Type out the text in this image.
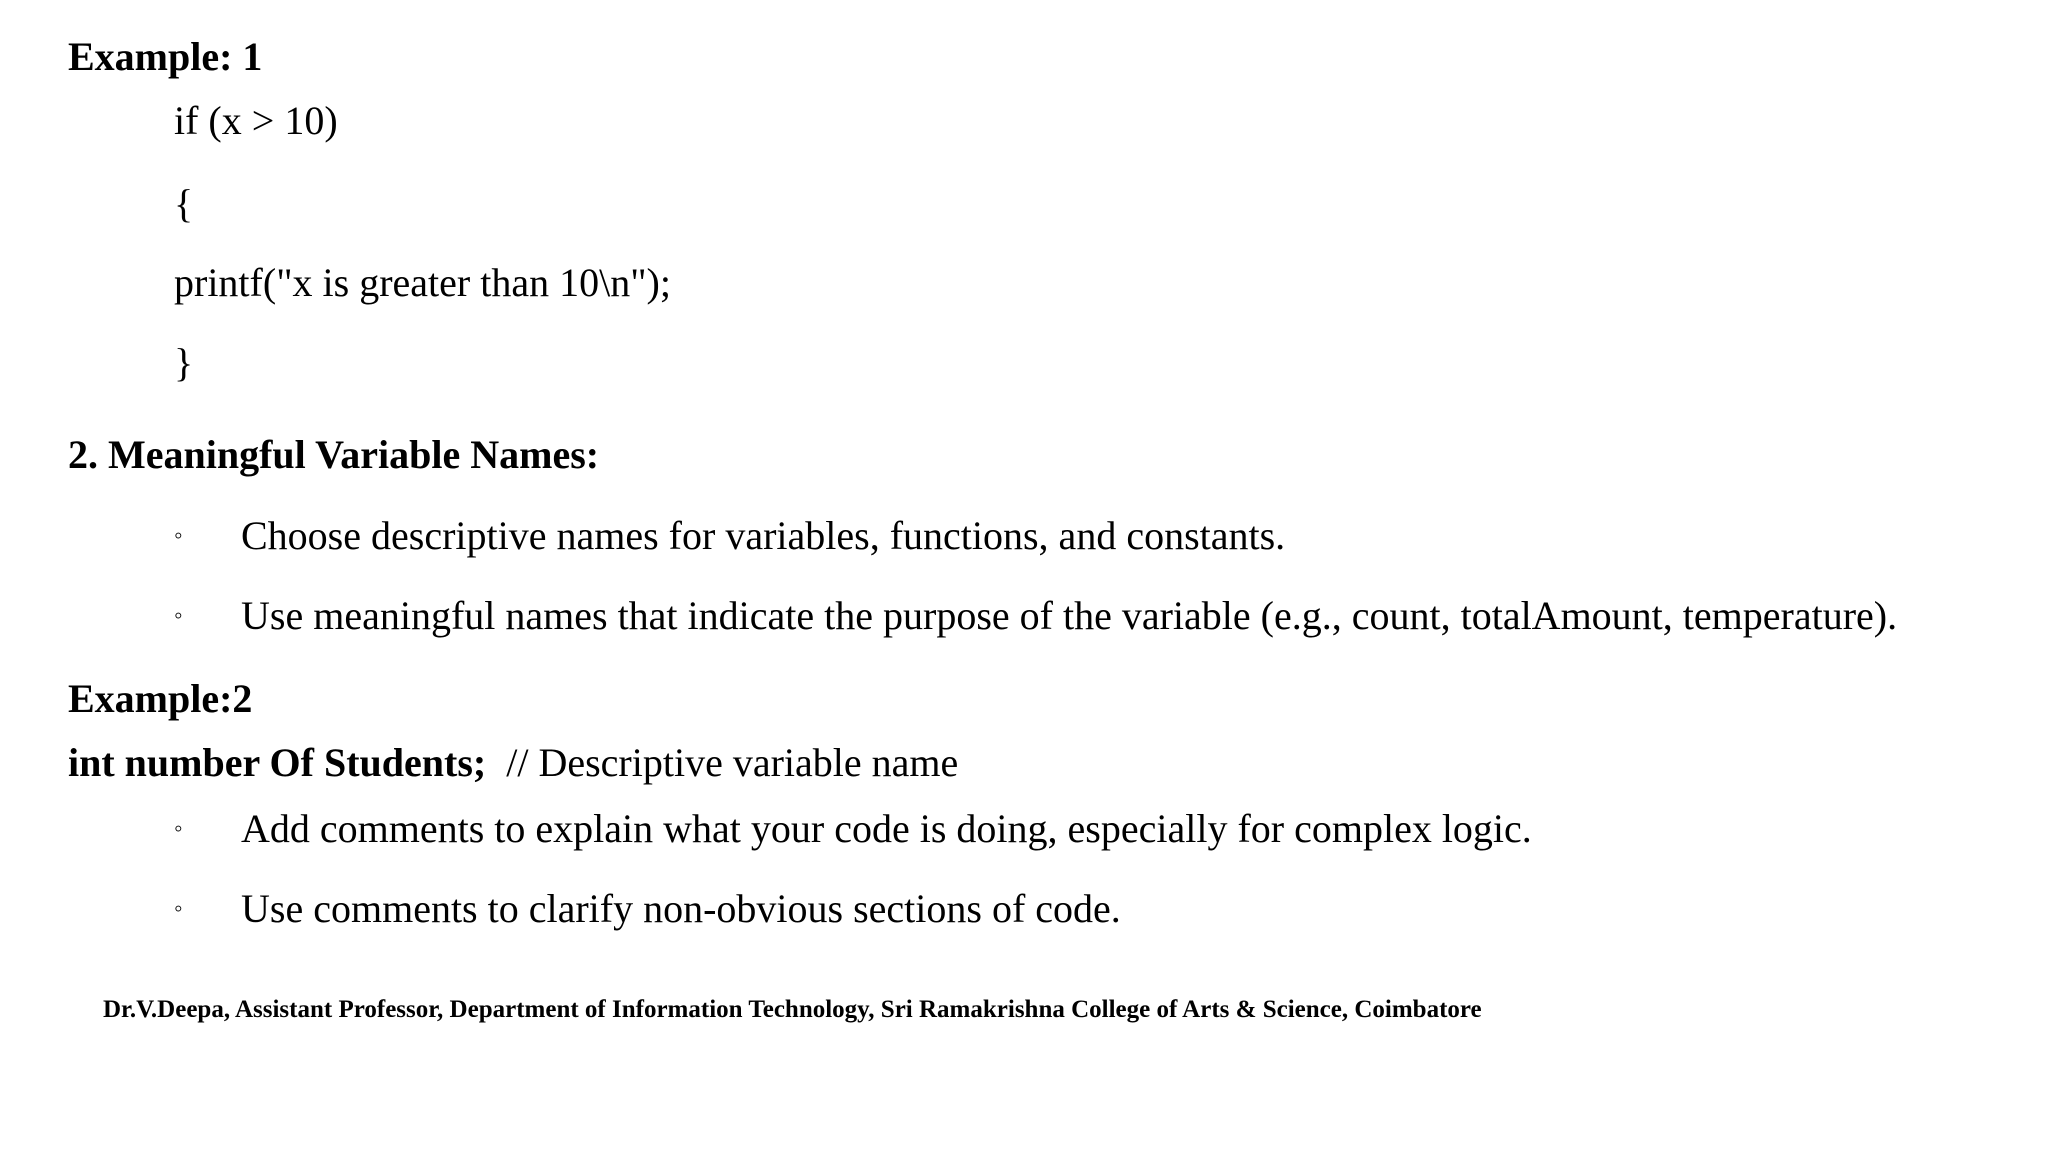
Example: 1
if (x > 10)
{
printf("x is greater than 10\n");
}
2. Meaningful Variable Names:
◦ Choose descriptive names for variables, functions, and constants.
◦ Use meaningful names that indicate the purpose of the variable (e.g., count, totalAmount, temperature).
Example:2
int number Of Students; // Descriptive variable name
◦ Add comments to explain what your code is doing, especially for complex logic.
◦ Use comments to clarify non-obvious sections of code.
Dr.V.Deepa, Assistant Professor, Department of Information Technology, Sri Ramakrishna College of Arts & Science, Coimbatore
